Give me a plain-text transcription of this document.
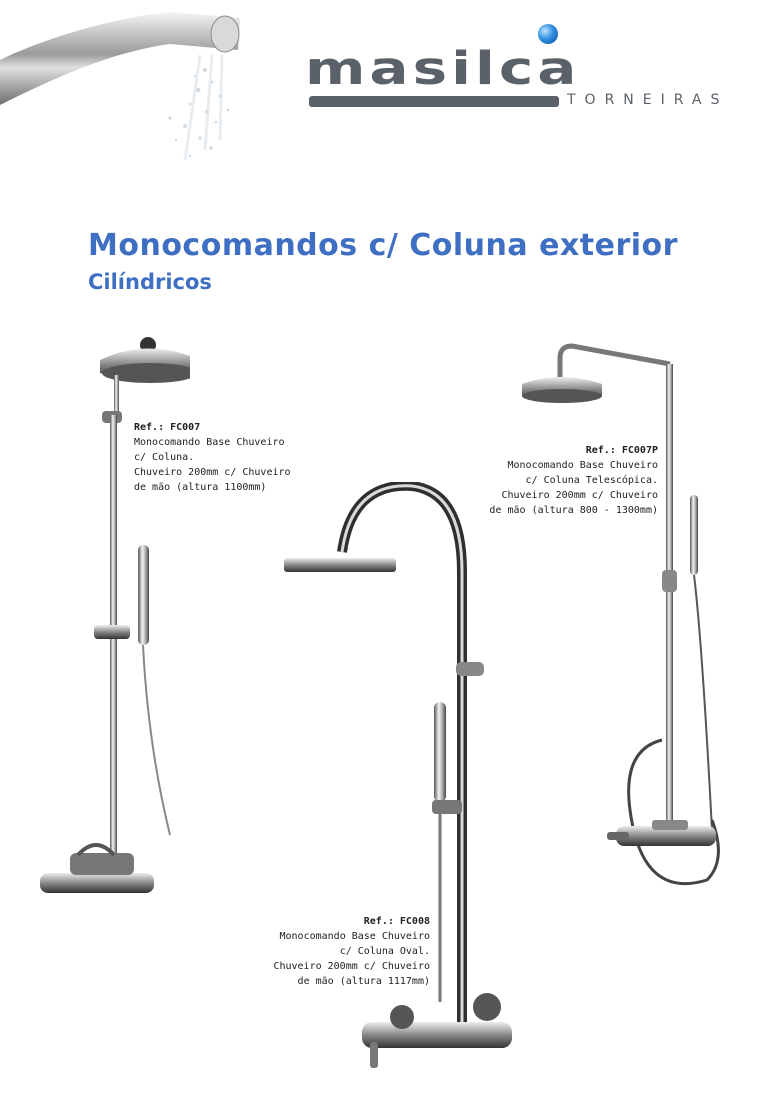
masilca
TORNEIRAS
Monocomandos c/ Coluna exterior
Cilíndricos
Ref.: FC007
Monocomando Base Chuveiro
c/ Coluna.
Chuveiro 200mm c/ Chuveiro
de mão (altura 1100mm)
Ref.: FC007P
Monocomando Base Chuveiro
c/ Coluna Telescópica.
Chuveiro 200mm c/ Chuveiro
de mão (altura 800 - 1300mm)
Ref.: FC008
Monocomando Base Chuveiro
c/ Coluna Oval.
Chuveiro 200mm c/ Chuveiro
de mão (altura 1117mm)
